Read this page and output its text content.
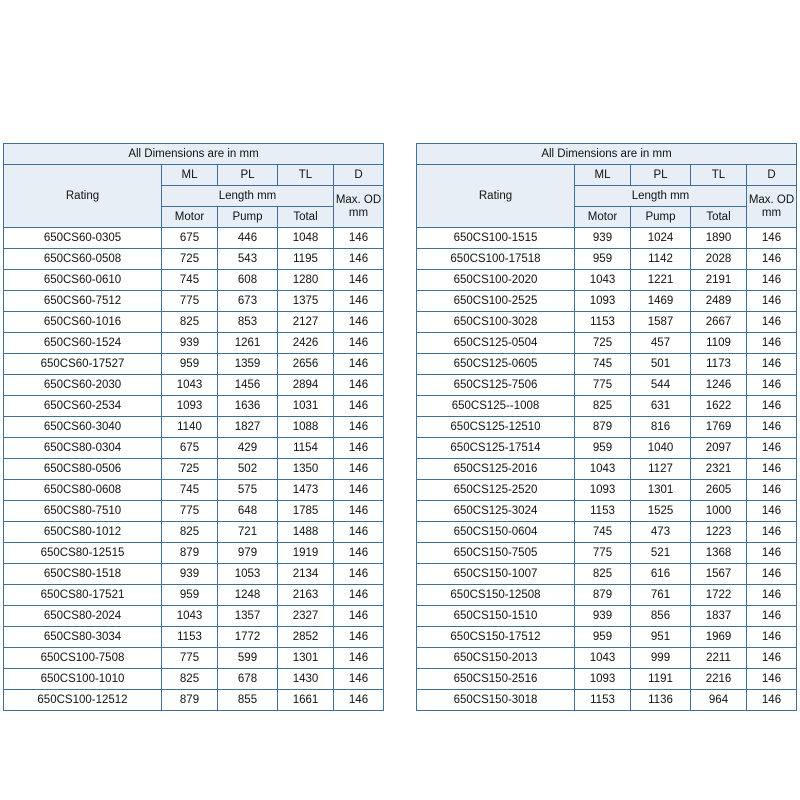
All Dimensions are in mm				
Rating	ML	PL	TL	D
	Length mm			Max. OD mm
	Motor	Pump	Total	
650CS60-0305	675	446	1048	146
650CS60-0508	725	543	1195	146
650CS60-0610	745	608	1280	146
650CS60-7512	775	673	1375	146
650CS60-1016	825	853	2127	146
650CS60-1524	939	1261	2426	146
650CS60-17527	959	1359	2656	146
650CS60-2030	1043	1456	2894	146
650CS60-2534	1093	1636	1031	146
650CS60-3040	1140	1827	1088	146
650CS80-0304	675	429	1154	146
650CS80-0506	725	502	1350	146
650CS80-0608	745	575	1473	146
650CS80-7510	775	648	1785	146
650CS80-1012	825	721	1488	146
650CS80-12515	879	979	1919	146
650CS80-1518	939	1053	2134	146
650CS80-17521	959	1248	2163	146
650CS80-2024	1043	1357	2327	146
650CS80-3034	1153	1772	2852	146
650CS100-7508	775	599	1301	146
650CS100-1010	825	678	1430	146
650CS100-12512	879	855	1661	146
All Dimensions are in mm				
Rating	ML	PL	TL	D
	Length mm			Max. OD mm
	Motor	Pump	Total	
650CS100-1515	939	1024	1890	146
650CS100-17518	959	1142	2028	146
650CS100-2020	1043	1221	2191	146
650CS100-2525	1093	1469	2489	146
650CS100-3028	1153	1587	2667	146
650CS125-0504	725	457	1109	146
650CS125-0605	745	501	1173	146
650CS125-7506	775	544	1246	146
650CS125--1008	825	631	1622	146
650CS125-12510	879	816	1769	146
650CS125-17514	959	1040	2097	146
650CS125-2016	1043	1127	2321	146
650CS125-2520	1093	1301	2605	146
650CS125-3024	1153	1525	1000	146
650CS150-0604	745	473	1223	146
650CS150-7505	775	521	1368	146
650CS150-1007	825	616	1567	146
650CS150-12508	879	761	1722	146
650CS150-1510	939	856	1837	146
650CS150-17512	959	951	1969	146
650CS150-2013	1043	999	2211	146
650CS150-2516	1093	1191	2216	146
650CS150-3018	1153	1136	964	146
